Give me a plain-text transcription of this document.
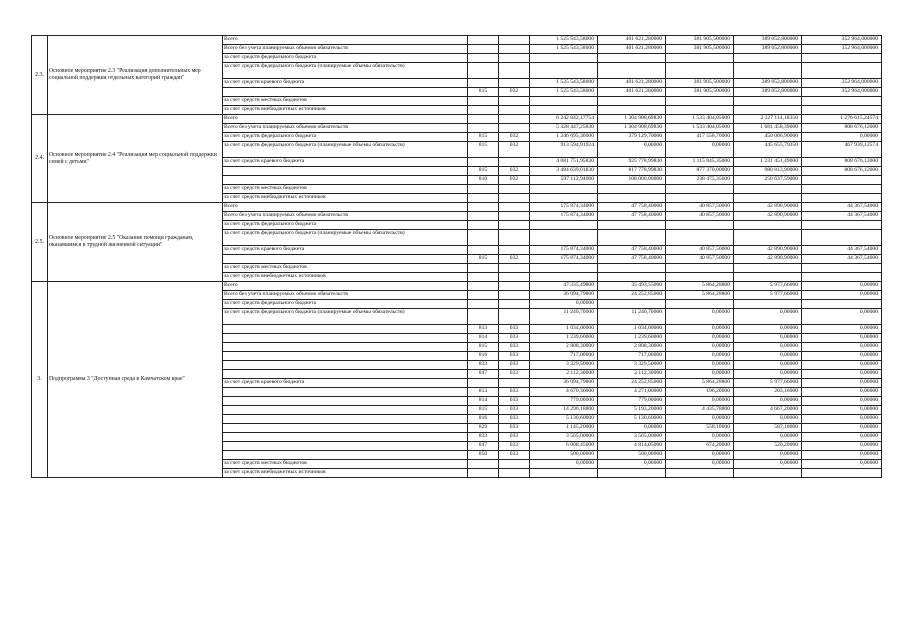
2.3.	Основное мероприятие 2.3 "Реализация дополнительных мер социальной поддержки отдельных категорий граждан"	Всего			1 525 543,58000	401 621,280000	381 905,500000	389 052,800000	352 964,000000
		Всего без учета планируемых объемов обязательств			1 525 543,58000	401 621,280000	381 905,500000	389 052,800000	352 964,000000
		за счет средств федерального бюджета							
		за счет средств федерального бюджета (планируемые объемы обязательств)							
		за счет средств краевого бюджета			1 525 543,58000	401 621,280000	381 905,500000	389 052,800000	352 964,000000
			815	032	1 525 543,58000	401 621,280000	381 905,500000	389 052,800000	352 964,000000
		за счет средств местных бюджетов							
		за счет средств внебюджетных источников							
2.4.	Основное мероприятие 2.4 "Реализация мер социальной поддержки семей с детьми"	Всего			6 242 042,17754	1 304 908,69830	1 533 404,05000	2 127 114,18350	1 276 615,24574
		Всего без учета планируемых объемов обязательств			5 328 447,25830	1 304 908,69830	1 533 404,05000	1 681 458,39000	808 676,12000
		за счет средств федерального бюджета	815	032	1 246 695,30000	379 129,70000	417 558,70000	450 006,90000	0,00000
		за счет средств федерального бюджета (планируемые объемы обязательств)	815	032	913 594,91924	0,00000	0,00000	445 655,79350	467 939,12574
		за счет средств краевого бюджета			4 081 751,95830	925 778,99830	1 115 845,35000	1 231 451,49000	808 676,12000
			815	032	3 484 639,01830	817 778,99830	877 370,00000	980 813,90000	808 676,12000
			810	032	597 112,94000	108 000,00000	238 475,35000	250 637,59000	
		за счет средств местных бюджетов							
		за счет средств внебюджетных источников							
2.5.	Основное мероприятие 2.5 "Оказание помощи гражданам, оказавшимся в трудной жизненной ситуации"	Всего			175 874,34000	47 758,40000	40 857,50000	42 890,90000	44 367,54000
		Всего без учета планируемых объемов обязательств			175 874,34000	47 758,40000	40 857,50000	42 890,90000	44 367,54000
		за счет средств федерального бюджета							
		за счет средств федерального бюджета (планируемые объемы обязательств)							
		за счет средств краевого бюджета			175 874,34000	47 758,40000	40 857,50000	42 890,90000	44 367,54000
			815	032	175 874,34000	47 758,40000	40 857,50000	42 890,90000	44 367,54000
		за счет средств местных бюджетов							
		за счет средств внебюджетных источников							
3.	Подпрограмма 3 "Доступная среда в Камчатском крае"	Всего			47 335,49800	35 493,55000	5 864,28800	5 977,66000	0,00000
		Всего без учета планируемых объемов обязательств			36 094,79800	24 252,85000	5 864,28800	5 977,66000	0,00000
		за счет средств федерального бюджета			0,00000				
		за счет средств федерального бюджета (планируемые объемы обязательств)			11 240,70000	11 240,70000	0,00000	0,00000	0,00000
			813	033	1 034,00000	1 034,00000	0,00000	0,00000	0,00000
			814	033	1 239,60000	1 239,60000	0,00000	0,00000	0,00000
			815	033	2 808,30000	2 808,30000	0,00000	0,00000	0,00000
			816	033	717,00000	717,00000	0,00000	0,00000	0,00000
			833	033	3 329,50000	3 329,50000	0,00000	0,00000	0,00000
			847	033	2 112,30000	2 112,30000	0,00000	0,00000	0,00000
		за счет средств краевого бюджета			36 094,79800	24 252,85000	5 864,28800	5 977,66000	0,00000
			813	033	4 670,36000	4 271,00000	196,20000	203,16000	0,00000
			814	033	779,00000	779,00000	0,00000	0,00000	0,00000
			815	033	14 296,18800	5 193,20000	4 435,78800	4 667,20000	0,00000
			816	033	5 130,60000	5 130,60000	0,00000	0,00000	0,00000
			829	033	1 145,20000	0,00000	558,10000	587,10000	0,00000
			833	033	3 565,00000	3 565,00000	0,00000	0,00000	0,00000
			847	033	6 008,45000	4 814,05000	674,20000	520,20000	0,00000
			850	033	500,00000	500,00000	0,00000	0,00000	0,00000
		за счет средств местных бюджетов			0,00000	0,00000	0,00000	0,00000	0,00000
		за счет средств внебюджетных источников							
